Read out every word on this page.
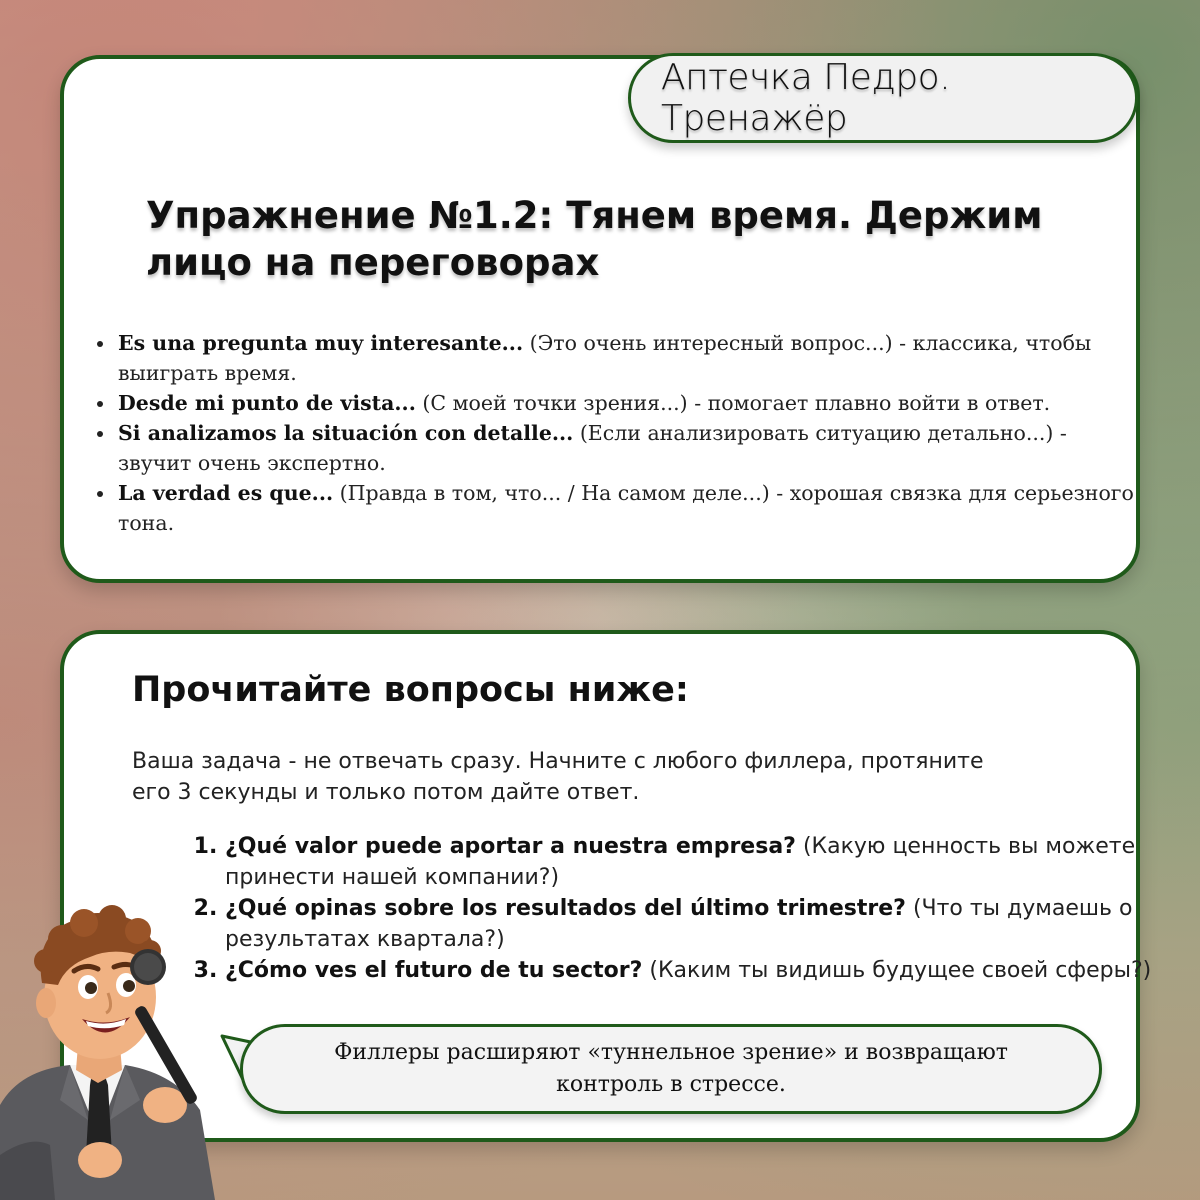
Аптечка Педро. Тренажёр
Упражнение №1.2: Тянем время. Держим лицо на переговорах
• Es una pregunta muy interesante... (Это очень интересный вопрос...) - классика, чтобы выиграть время.
• Desde mi punto de vista... (С моей точки зрения...) - помогает плавно войти в ответ.
• Si analizamos la situación con detalle... (Если анализировать ситуацию детально...) - звучит очень экспертно.
• La verdad es que... (Правда в том, что... / На самом деле...) - хорошая связка для серьезного тона.
Прочитайте вопросы ниже:

Ваша задача - не отвечать сразу. Начните с любого филлера, протяните его 3 секунды и только потом дайте ответ.

1. ¿Qué valor puede aportar a nuestra empresa? (Какую ценность вы можете принести нашей компании?)
2. ¿Qué opinas sobre los resultados del último trimestre? (Что ты думаешь о результатах квартала?)
3. ¿Cómo ves el futuro de tu sector? (Каким ты видишь будущее своей сферы?)
Филлеры расширяют «туннельное зрение» и возвращают контроль в стрессе.
